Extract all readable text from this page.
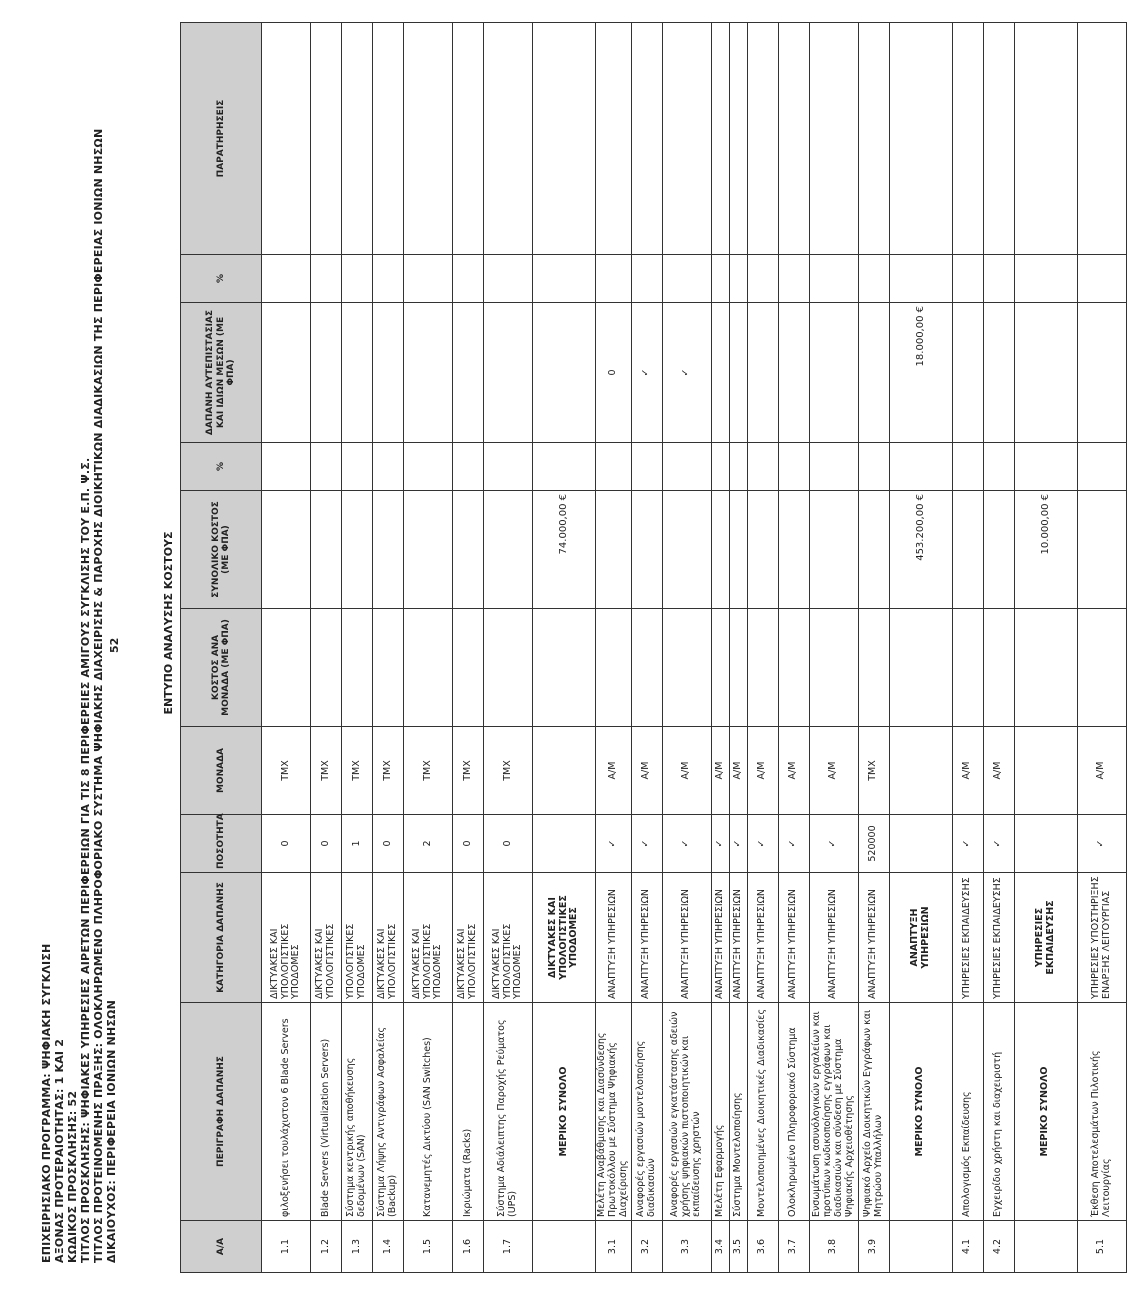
ΕΠΙΧΕΙΡΗΣΙΑΚΟ ΠΡΟΓΡΑΜΜΑ: ΨΗΦΙΑΚΗ ΣΥΓΚΛΙΣΗ ΑΞΟΝΑΣ ΠΡΟΤΕΡΑΙΟΤΗΤΑΣ: 1 ΚΑΙ 2 ΚΩΔΙΚΟΣ ΠΡΟΣΚΛΗΣΗΣ: 52 ΤΙΤΛΟΣ ΠΡΟΣΚΛΗΣΗΣ: ΨΗΦΙΑΚΕΣ ΥΠΗΡΕΣΙΕΣ ΑΙΡΕΤΩΝ ΠΕΡΙΦΕΡΕΙΩΝ ΓΙΑ ΤΙΣ 8 ΠΕΡΙΦΕΡΕΙΕΣ ΑΜΙΓΟΥΣ ΣΥΓΚΛΙΣΗΣ ΤΟΥ Ε.Π. Ψ.Σ. ΤΙΤΛΟΣ ΠΡΟΤΕΙΝΟΜΕΝΗΣ ΠΡΑΞΗΣ: ΟΛΟΚΛΗΡΩΜΕΝΟ ΠΛΗΡΟΦΟΡΙΑΚΟ ΣΥΣΤΗΜΑ ΨΗΦΙΑΚΗΣ ΔΙΑΧΕΙΡΙΣΗΣ & ΠΑΡΟΧΗΣ ΔΙΟΙΚΗΤΙΚΩΝ ΔΙΑΔΙΚΑΣΙΩΝ ΤΗΣ ΠΕΡΙΦΕΡΕΙΑΣ ΙΟΝΙΩΝ ΝΗΣΩΝ ΔΙΚΑΙΟΥΧΟΣ: ΠΕΡΙΦΕΡΕΙΑ ΙΟΝΙΩΝ ΝΗΣΩΝ
52	ΕΝΤΥΠΟ ΑΝΑΛΥΣΗΣ ΚΟΣΤΟΥΣ
Α/Α	ΠΕΡΙΓΡΑΦΗ ΔΑΠΑΝΗΣ	ΚΑΤΗΓΟΡΙΑ ΔΑΠΑΝΗΣ	ΠΟΣΟΤΗΤΑ	ΜΟΝΑΔΑ	ΚΟΣΤΟΣ ΑΝΑ ΜΟΝΑΔΑ (ΜΕ ΦΠΑ)	ΣΥΝΟΛΙΚΟ ΚΟΣΤΟΣ (ΜΕ ΦΠΑ)	%	ΔΑΠΑΝΗ ΑΥΤΕΠΙΣΤΑΣΙΑΣ ΚΑΙ ΙΔΙΩΝ ΜΕΣΩΝ (ΜΕ ΦΠΑ)	%	ΠΑΡΑΤΗΡΗΣΕΙΣ
1.1	φιλοξενήσει τουλάχιστον 6 Blade Servers	ΔΙΚΤΥΑΚΕΣ ΚΑΙ ΥΠΟΛΟΓΙΣΤΙΚΕΣ ΥΠΟΔΟΜΕΣ	0	ΤΜΧ						
1.2	Blade Servers (Virtualization Servers)	ΔΙΚΤΥΑΚΕΣ ΚΑΙ ΥΠΟΛΟΓΙΣΤΙΚΕΣ	0	ΤΜΧ						
1.3	Σύστημα κεντρικής αποθήκευσης δεδομένων (SAN)	ΥΠΟΛΟΓΙΣΤΙΚΕΣ ΥΠΟΔΟΜΕΣ	1	ΤΜΧ						
1.4	Σύστημα Λήψης Αντιγράφων Ασφαλείας (Backup)	ΔΙΚΤΥΑΚΕΣ ΚΑΙ ΥΠΟΛΟΓΙΣΤΙΚΕΣ	0	ΤΜΧ						
1.5	Κατανεμητές Δικτύου (SAN Switches)	ΔΙΚΤΥΑΚΕΣ ΚΑΙ ΥΠΟΛΟΓΙΣΤΙΚΕΣ ΥΠΟΔΟΜΕΣ	2	ΤΜΧ						
1.6	Ικριώματα (Racks)	ΔΙΚΤΥΑΚΕΣ ΚΑΙ ΥΠΟΛΟΓΙΣΤΙΚΕΣ	0	ΤΜΧ						
1.7	Σύστημα Αδιάλειπτης Παροχής Ρεύματος (UPS)	ΔΙΚΤΥΑΚΕΣ ΚΑΙ ΥΠΟΛΟΓΙΣΤΙΚΕΣ ΥΠΟΔΟΜΕΣ	0	ΤΜΧ						
	ΜΕΡΙΚΟ ΣΥΝΟΛΟ	ΔΙΚΤΥΑΚΕΣ ΚΑΙ ΥΠΟΛΟΓΙΣΤΙΚΕΣ ΥΠΟΔΟΜΕΣ				74.000,00 €				
3.1	Μελέτη Αναβάθμισης και Διασύνδεσης Πρωτοκόλλου με Σύστημα Ψηφιακής Διαχείρισης	ΑΝΑΠΤΥΞΗ ΥΠΗΡΕΣΙΩΝ	✓	Α/Μ				0		
3.2	Αναφορές εργασιών μοντελοποίησης διαδικασιών	ΑΝΑΠΤΥΞΗ ΥΠΗΡΕΣΙΩΝ	✓	Α/Μ				✓		
3.3	Αναφορές εργασιών εγκατάστασης αδειών χρήσης ψηφιακών πιστοποιητικών και εκπαίδευσης χρηστών	ΑΝΑΠΤΥΞΗ ΥΠΗΡΕΣΙΩΝ	✓	Α/Μ				✓		
3.4	Μελέτη Εφαρμογής	ΑΝΑΠΤΥΞΗ ΥΠΗΡΕΣΙΩΝ	✓	Α/Μ						
3.5	Σύστημα Μοντελοποίησης	ΑΝΑΠΤΥΞΗ ΥΠΗΡΕΣΙΩΝ	✓	Α/Μ						
3.6	Μοντελοποιημένες Διοικητικές Διαδικασίες	ΑΝΑΠΤΥΞΗ ΥΠΗΡΕΣΙΩΝ	✓	Α/Μ						
3.7	Ολοκληρωμένο Πληροφοριακό Σύστημα	ΑΝΑΠΤΥΞΗ ΥΠΗΡΕΣΙΩΝ	✓	Α/Μ						
3.8	Ενσωμάτωση ασυνόλογικών εργαλείων και προτύπων κωδικοποίησης εγγράφων και διαδικασιών και σύνδεση με Σύστημα Ψηφιακής Αρχειοθέτησης	ΑΝΑΠΤΥΞΗ ΥΠΗΡΕΣΙΩΝ	✓	Α/Μ						
3.9	Ψηφιακό Αρχείο Διοικητικών Εγγράφων και Μητρώου Υπαλλήλων	ΑΝΑΠΤΥΞΗ ΥΠΗΡΕΣΙΩΝ	520000	ΤΜΧ						
	ΜΕΡΙΚΟ ΣΥΝΟΛΟ	ΑΝΑΠΤΥΞΗ ΥΠΗΡΕΣΙΩΝ				453.200,00 €		18.000,00 €		
4.1	Απολογισμός Εκπαίδευσης	ΥΠΗΡΕΣΙΕΣ ΕΚΠΑΙΔΕΥΣΗΣ	✓	Α/Μ						
4.2	Εγχειρίδιο χρήστη και διαχειριστή	ΥΠΗΡΕΣΙΕΣ ΕΚΠΑΙΔΕΥΣΗΣ	✓	Α/Μ						
	ΜΕΡΙΚΟ ΣΥΝΟΛΟ	ΥΠΗΡΕΣΙΕΣ ΕΚΠΑΙΔΕΥΣΗΣ				10.000,00 €				
5.1	Έκθεση Αποτελεσμάτων Πιλοτικής Λειτουργίας	ΥΠΗΡΕΣΙΕΣ ΥΠΟΣΤΗΡΙΞΗΣ ΕΝΑΡΞΗΣ ΛΕΙΤΟΥΡΓΙΑΣ	✓	Α/Μ						
